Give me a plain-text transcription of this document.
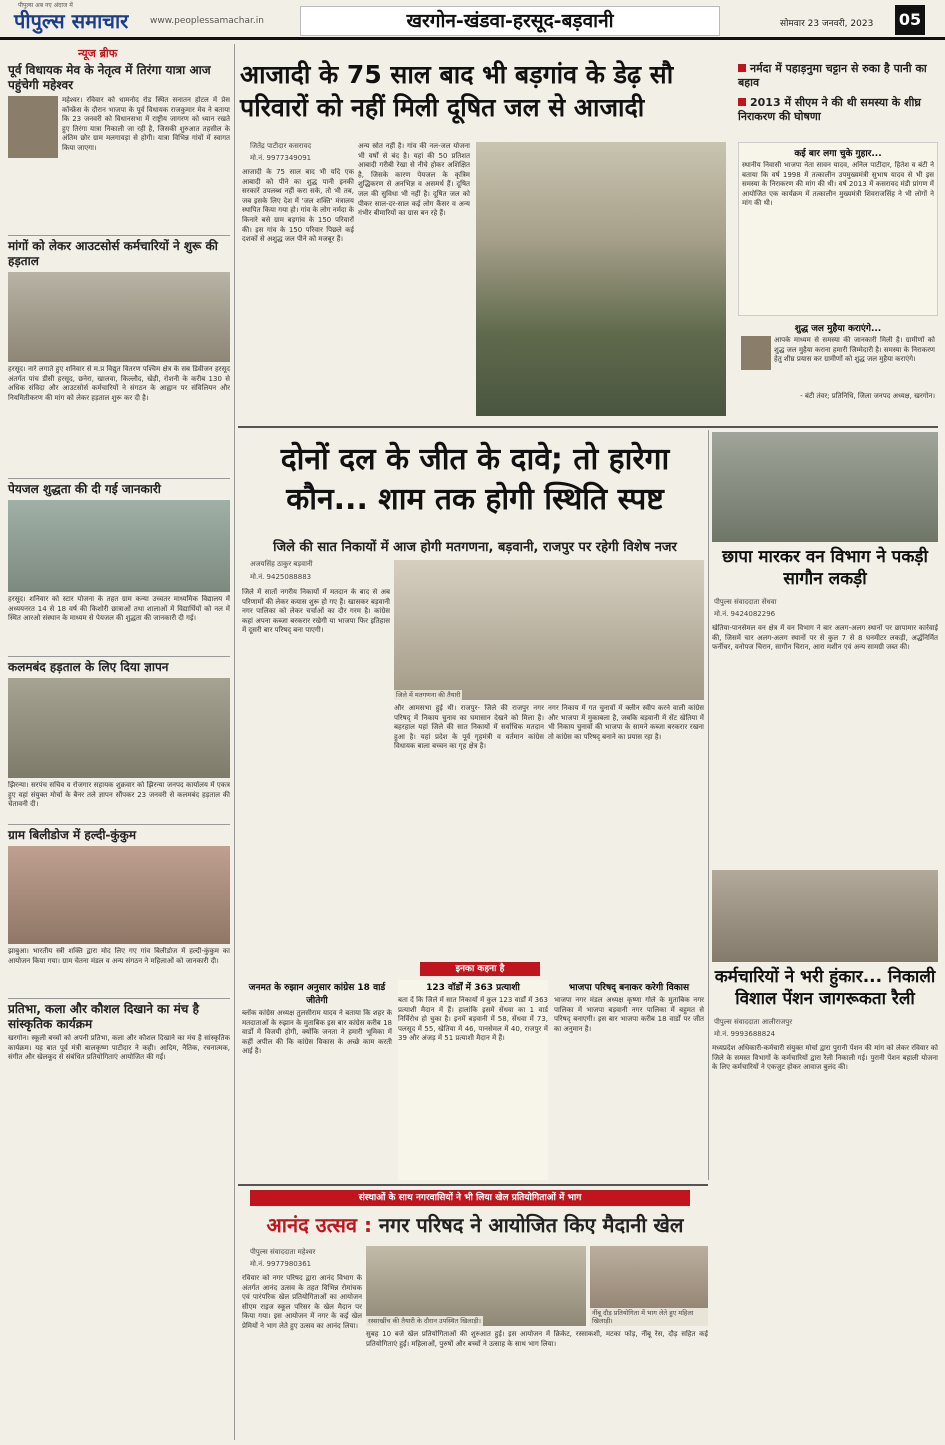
पीपुल्स अब नए अंदाज में
पीपुल्स समाचार www.peoplessamachar.in	खरगोन-खंडवा-हरसूद-बड़वानी	सोमवार 23 जनवरी, 2023 05
न्यूज ब्रीफ
पूर्व विधायक मेव के नेतृत्व में तिरंगा यात्रा आज पहुंचेगी महेश्वर
महेश्वर। रविवार को धामनोद रोड स्थित सनातन होटल में प्रेस कॉन्फ्रेंस के दौरान भाजपा के पूर्व विधायक राजकुमार मेव ने बताया कि 23 जनवरी को विधानसभा में राष्ट्रीय जागरण को ध्यान रखते हुए तिरंगा यात्रा निकाली जा रही है, जिसकी शुरुआत तहसील के अंतिम छोर ग्राम मलगावड़ा से होगी। यात्रा विभिन्न गांवों में स्वागत किया जाएगा।
मांगों को लेकर आउटसोर्स कर्मचारियों ने शुरू की हड़ताल
हरसूद। नारे लगाते हुए शनिवार से म.प्र विद्युत वितरण पश्चिम क्षेत्र के सब डिवीजन हरसूद अंतर्गत पांच डीसी हरसूद, छनेरा, खालवा, किल्लौद, खेड़ी, रोशनी के करीब 130 से अधिक संविदा और आउटसोर्स कर्मचारियों ने संगठन के आह्वान पर संविलियन और नियमितीकरण की मांग को लेकर हड़ताल शुरू कर दी है।
पेयजल शुद्धता की दी गई जानकारी
हरसूद। शनिवार को स्टार योजना के तहत ग्राम कन्या उच्चतर माध्यमिक विद्यालय में अध्ययनरत 14 से 18 वर्ष की किशोरी छात्राओं तथा शालाओं में विद्यार्थियों को नल में स्थित आरओ संस्थान के माध्यम से पेयजल की शुद्धता की जानकारी दी गई।
कलमबंद हड़ताल के लिए दिया ज्ञापन
झिरन्या। सरपंच सचिव व रोजगार सहायक शुक्रवार को झिरन्या जनपद कार्यालय में एकत्र हुए वहां संयुक्त मोर्चा के बैनर तले ज्ञापन सौंपकर 23 जनवरी से कलमबंद हड़ताल की चेतावनी दी।
ग्राम बिलीडोज में हल्दी-कुंकुम
झाबुआ। भारतीय स्त्री शक्ति द्वारा मोद लिए गए गांव बिलीडोज में हल्दी-कुंकुम का आयोजन किया गया। ग्राम चेतना मंडल व अन्य संगठन ने महिलाओं को जानकारी दी।
प्रतिभा, कला और कौशल दिखाने का मंच है सांस्कृतिक कार्यक्रम
खरगोन। स्कूली बच्चों को अपनी प्रतिभा, कला और कौशल दिखाने का मंच है सांस्कृतिक कार्यक्रम। यह बात पूर्व मंत्री बालकृष्ण पाटीदार ने कही। आदिम, नैतिक, रचनात्मक, संगीत और खेलकूद से संबंधित प्रतियोगिताएं आयोजित की गईं।
आजादी के 75 साल बाद भी बड़गांव के डेढ़ सौ परिवारों को नहीं मिली दूषित जल से आजादी
नर्मदा में पहाड़नुमा चट्टान से रुका है पानी का बहाव
2013 में सीएम ने की थी समस्या के शीघ्र निराकरण की घोषणा
जितेंद्र पाटीदार कसरावद
मो.नं. 9977349091
आजादी के 75 साल बाद भी यदि एक आबादी को पीने का शुद्ध पानी इनकी सरकारें उपलब्ध नहीं करा सके, तो भी तब, जब इसके लिए देश में 'जल शक्ति' मंत्रालय स्थापित किया गया हो। गांव के लोग नर्मदा के किनारे बसे ग्राम बड़गांव के 150 परिवारों की। इस गांव के 150 परिवार पिछले कई दशकों से अशुद्ध जल पीने को मजबूर हैं।
अन्य स्रोत नहीं है। गांव की नल-जल योजना भी वर्षों से बंद है। यहां की 50 प्रतिशत आबादी गरीबी रेखा से नीचे होकर अशिक्षित है, जिसके कारण पेयजल के कृत्रिम शुद्धिकरण से अनभिज्ञ व असमर्थ हैं। दूषित जल की सुविधा भी नहीं है। दूषित जल को पीकर साल-दर-साल कई लोग कैंसर व अन्य गंभीर बीमारियों का ग्रास बन रहे हैं।
कई बार लगा चुके गुहार...
स्थानीय निवासी भाजपा नेता सावन यादव, अनिल पाटीदार, हितेश व बंटी ने बताया कि वर्ष 1998 में तत्कालीन उपमुख्यमंत्री सुभाष यादव से भी इस समस्या के निराकरण की मांग की थी। वर्ष 2013 में कसरावद मंडी प्रांगण में आयोजित एक कार्यक्रम में तत्कालीन मुख्यमंत्री शिवराजसिंह ने भी लोगों ने मांग की थी।
शुद्ध जल मुहैया कराएंगे...
आपके माध्यम से समस्या की जानकारी मिली है। ग्रामीणों को शुद्ध जल मुहैया कराना हमारी जिम्मेदारी है। समस्या के निराकरण हेतु शीघ्र प्रयास कर ग्रामीणों को शुद्ध जल मुहैया कराएंगे।
- बंटी तंवर; प्रतिनिधि, जिला जनपद अध्यक्ष, खरगोन।
दोनों दल के जीत के दावे; तो हारेगा कौन... शाम तक होगी स्थिति स्पष्ट
जिले की सात निकायों में आज होगी मतगणना, बड़वानी, राजपुर पर रहेगी विशेष नजर
अजयसिंह ठाकुर बड़वानी
मो.नं. 9425088883
जिले में सातों नगरीय निकायों में मतदान के बाद से अब परिणामों की लेकर कयास शुरू हो गए हैं। खासकर बड़वानी नगर पालिका को लेकर चर्चाओं का दौर गरम है। कांग्रेस कहां अपना कब्जा बरकरार रखेगी या भाजपा फिर इतिहास में दूसरी बार परिषद् बना पाएगी।
जिले में मतगणना की तैयारी
और आमसभा हुई थी। राजपुर- जिले की राजपुर नगर परिषद् में निकाय चुनाव का घमासान देखने को मिला है। बहरहाल यहां जिले की सात निकायों में सर्वाधिक मतदान हुआ है। यहां प्रदेश के पूर्व गृहमंत्री व वर्तमान कांग्रेस विधायक बाला बच्चन का गृह क्षेत्र है।
नगर निकाय में गत चुनावों में क्लीन स्वीप करने वाली कांग्रेस और भाजपा में मुकाबला है, जबकि बड़वानी में सेंट खेतिया में भी निकाय चुनावों की भाजपा के सामने कब्जा बरकरार रखना तो कांग्रेस का परिषद् बनाने का प्रयास रहा है।
इनका कहना है
जनमत के रुझान अनुसार कांग्रेस 18 वार्ड जीतेगी
ब्लॉक कांग्रेस अध्यक्ष तुलसीराम यादव ने बताया कि शहर के मतदाताओं के रुझान के मुताबिक इस बार कांग्रेस करीब 18 वार्डों में विजयी होगी, क्योंकि जनता ने हमारी भूमिका में कहीं अपील की कि कांग्रेस विकास के अच्छे काम करती आई है।
123 वॉर्डों में 363 प्रत्याशी
बता दें कि जिले में सात निकायों में कुल 123 वार्डों में 363 प्रत्याशी मैदान में हैं। हालांकि इसमें सेंधवा का 1 वार्ड निर्विरोध हो चुका है। इनमें बड़वानी में 58, सेंधवा में 73, पलसूद में 55, खेतिया में 46, पानसेमल में 40, राजपुर में 39 और अंजड़ में 51 प्रत्याशी मैदान में हैं।
भाजपा परिषद् बनाकर करेगी विकास
भाजपा नगर मंडल अध्यक्ष कृष्णा गोले के मुताबिक नगर पालिका में भाजपा बड़वानी नगर पालिका में बहुमत से परिषद् बनाएगी। इस बार भाजपा करीब 18 वार्डों पर जीत का अनुमान है।
छापा मारकर वन विभाग ने पकड़ी सागौन लकड़ी
पीपुल्स संवाददाता सेंधवा
मो.नं. 9424082296
खेतिया-पानसेमल वन क्षेत्र में वन विभाग ने बार अलग-अलग स्थानों पर छापामार कार्रवाई की, जिसमें चार अलग-अलग स्थानों पर से कुल 7 से 8 घनमीटर लकड़ी, अर्द्धनिर्मित फर्नीचर, वनोपज चिरान, सागौन चिरान, आरा मशीन एवं अन्य सामग्री जब्त की।
कर्मचारियों ने भरी हुंकार... निकाली विशाल पेंशन जागरूकता रैली
पीपुल्स संवाददाता आलीराजपुर
मो.नं. 9993688824
मध्यप्रदेश अधिकारी-कर्मचारी संयुक्त मोर्चा द्वारा पुरानी पेंशन की मांग को लेकर रविवार को जिले के समस्त विभागों के कर्मचारियों द्वारा रैली निकाली गई। पुरानी पेंशन बहाली योजना के लिए कर्मचारियों ने एकजुट होकर आवाज बुलंद की।
संस्थाओं के साथ नगरवासियों ने भी लिया खेल प्रतियोगिताओं में भाग
आनंद उत्सव : नगर परिषद ने आयोजित किए मैदानी खेल
पीपुल्स संवाददाता महेश्वर
मो.नं. 9977980361
रविवार को नगर परिषद द्वारा आनंद विभाग के अंतर्गत आनंद उत्सव के तहत विभिन्न रोमांचक एवं पारंपरिक खेल प्रतियोगिताओं का आयोजन सीएम राइज स्कूल परिसर के खेल मैदान पर किया गया। इस आयोजन में नगर के कई खेल प्रेमियों ने भाग लेते हुए उत्सव का आनंद लिया।
रस्साखींच की तैयारी के दौरान उपस्थित खिलाड़ी।
नींबू दौड़ प्रतियोगिता में भाग लेते हुए महिला खिलाड़ी।
सुबह 10 बजे खेल प्रतियोगिताओं की शुरुआत हुई। इस आयोजन में क्रिकेट, रस्साकशी, मटका फोड़, नींबू रेस, दौड़ सहित कई प्रतियोगिताएं हुईं। महिलाओं, पुरुषों और बच्चों ने उत्साह के साथ भाग लिया।
